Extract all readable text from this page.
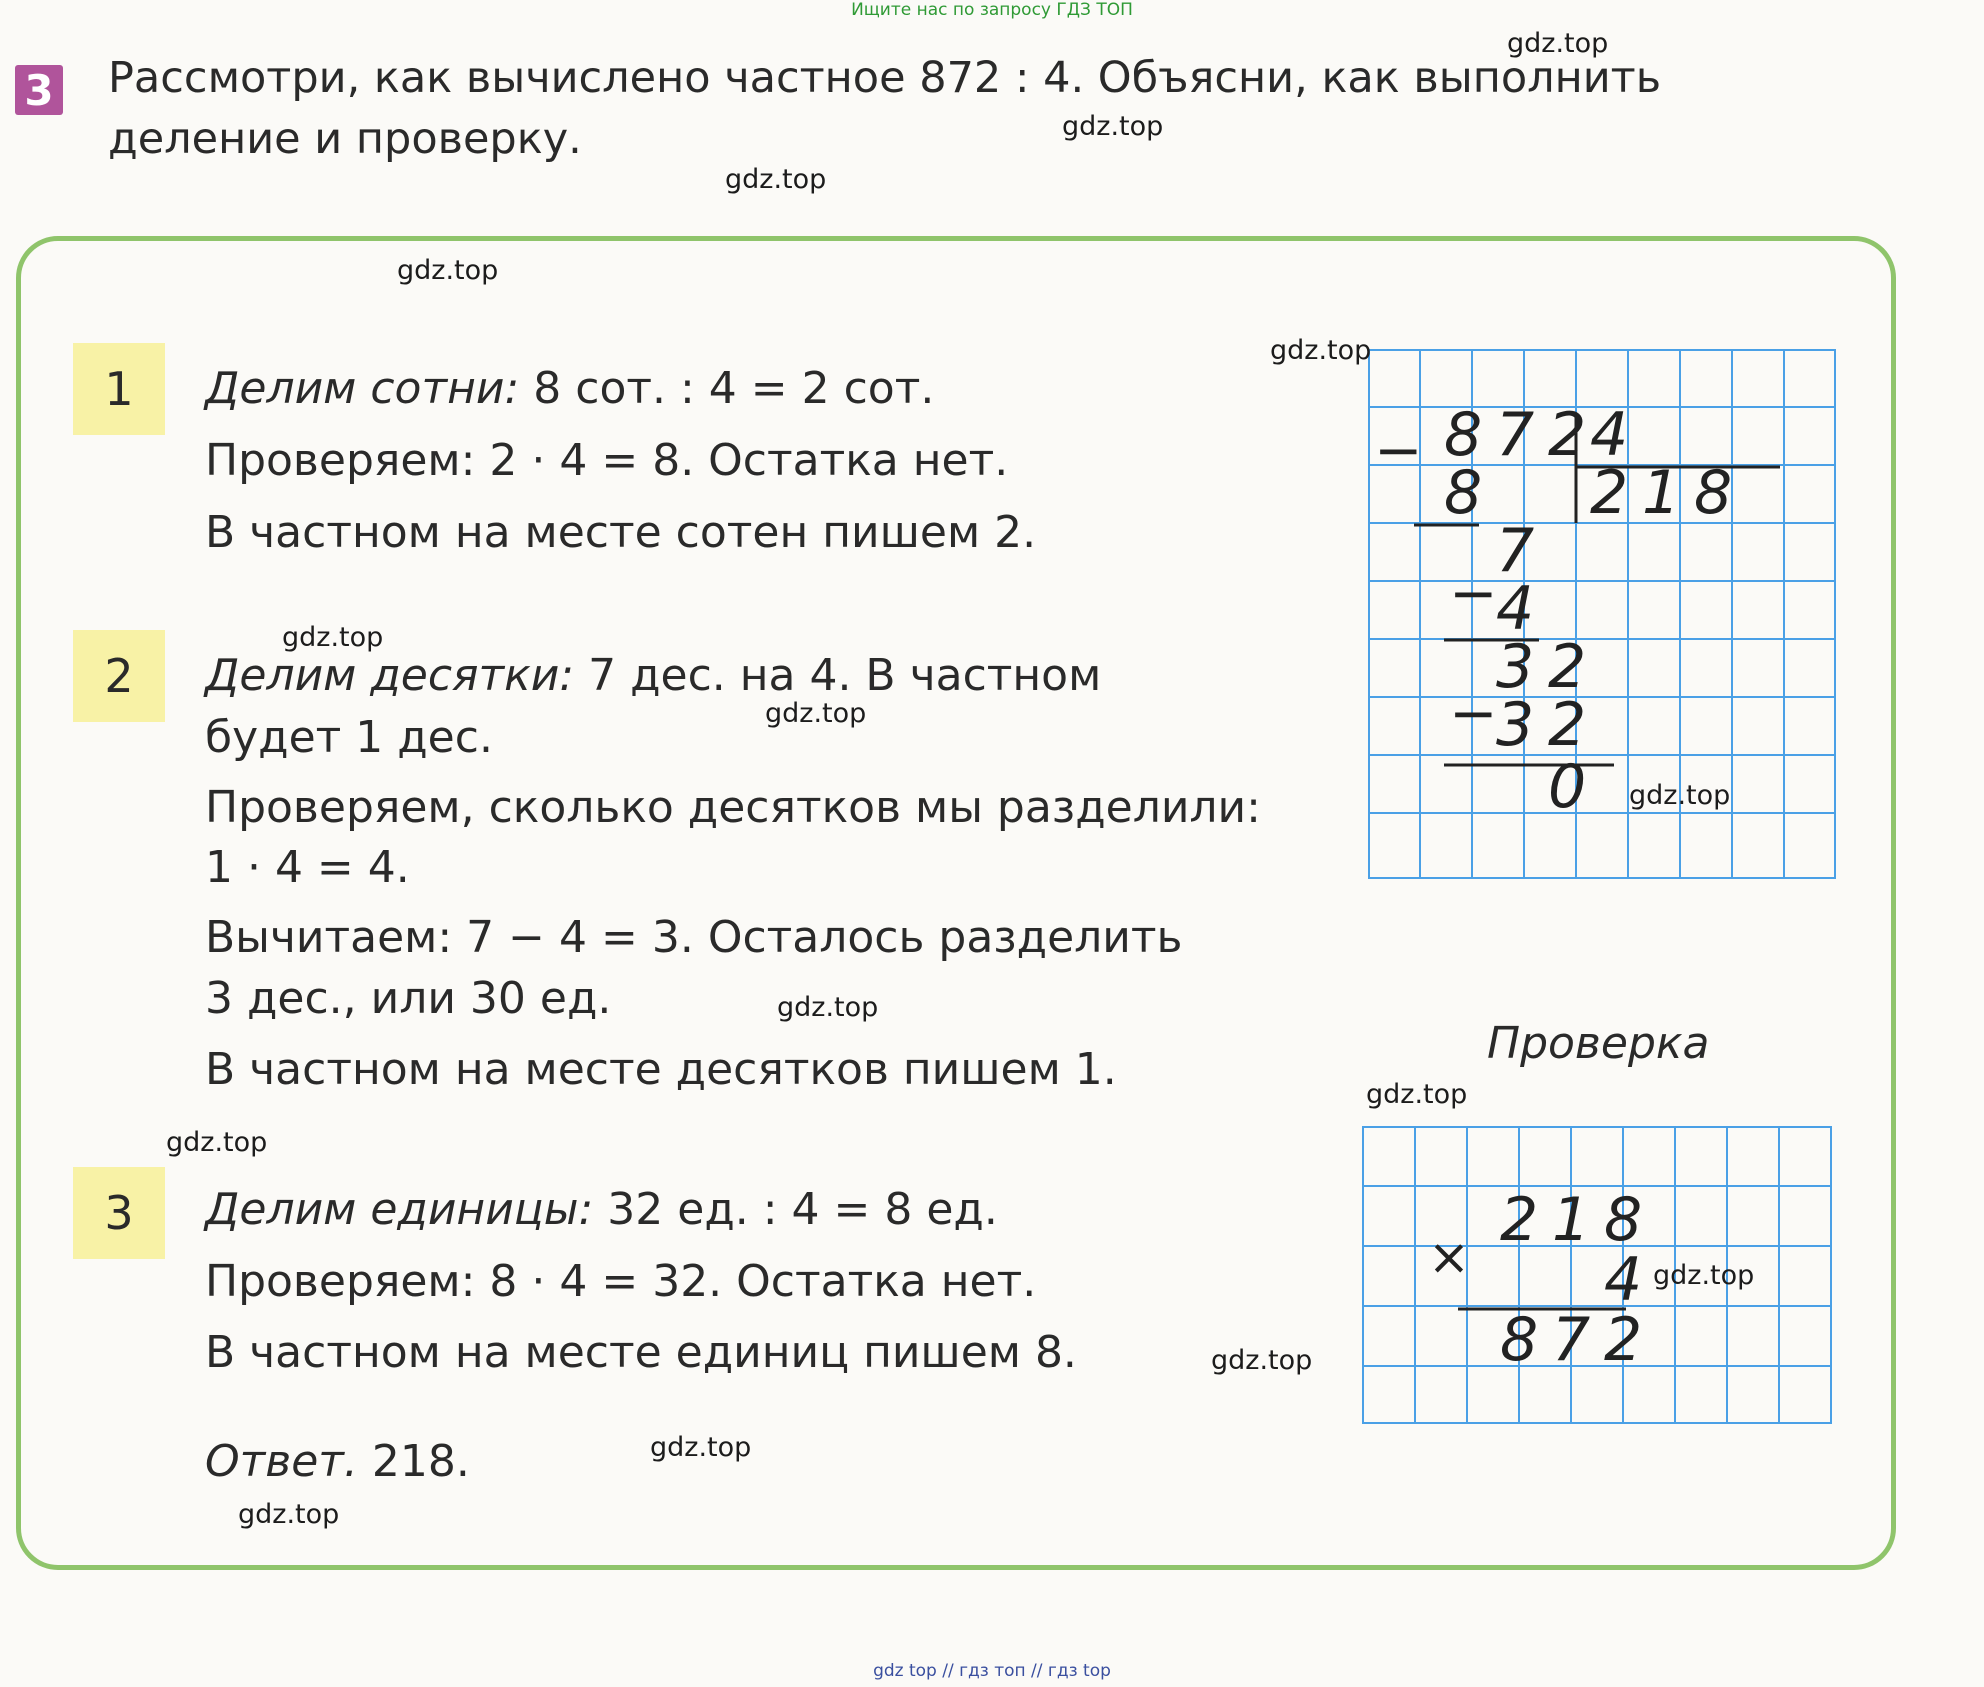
Ищите нас по запросу ГДЗ ТОП
gdz top // гдз топ // гдз top
3 Рассмотри, как вычислено частное 872 : 4. Объясни, как выполнить
деление и проверку.
1	Делим сотни: 8 сот. : 4 = 2 сот.
Проверяем: 2 · 4 = 8. Остатка нет.
В частном на месте сотен пишем 2.
2	Делим десятки: 7 дес. на 4. В частном
будет 1 дес.
Проверяем, сколько десятков мы разделили:
1 · 4 = 4.
Вычитаем: 7 − 4 = 3. Осталось разделить
3 дес., или 30 ед.
В частном на месте десятков пишем 1.
3	Делим единицы: 32 ед. : 4 = 8 ед.
Проверяем: 8 · 4 = 32. Остатка нет.
В частном на месте единиц пишем 8.
Ответ. 218.
−
−
−
8 7 2 4
2 1 8
8
7
4
3 2
3 2
0
Проверка
×
2 1 8
4
8 7 2
gdz.top
gdz.top
gdz.top
gdz.top
gdz.top
gdz.top
gdz.top
gdz.top
gdz.top
gdz.top
gdz.top
gdz.top
gdz.top
gdz.top
gdz.top
